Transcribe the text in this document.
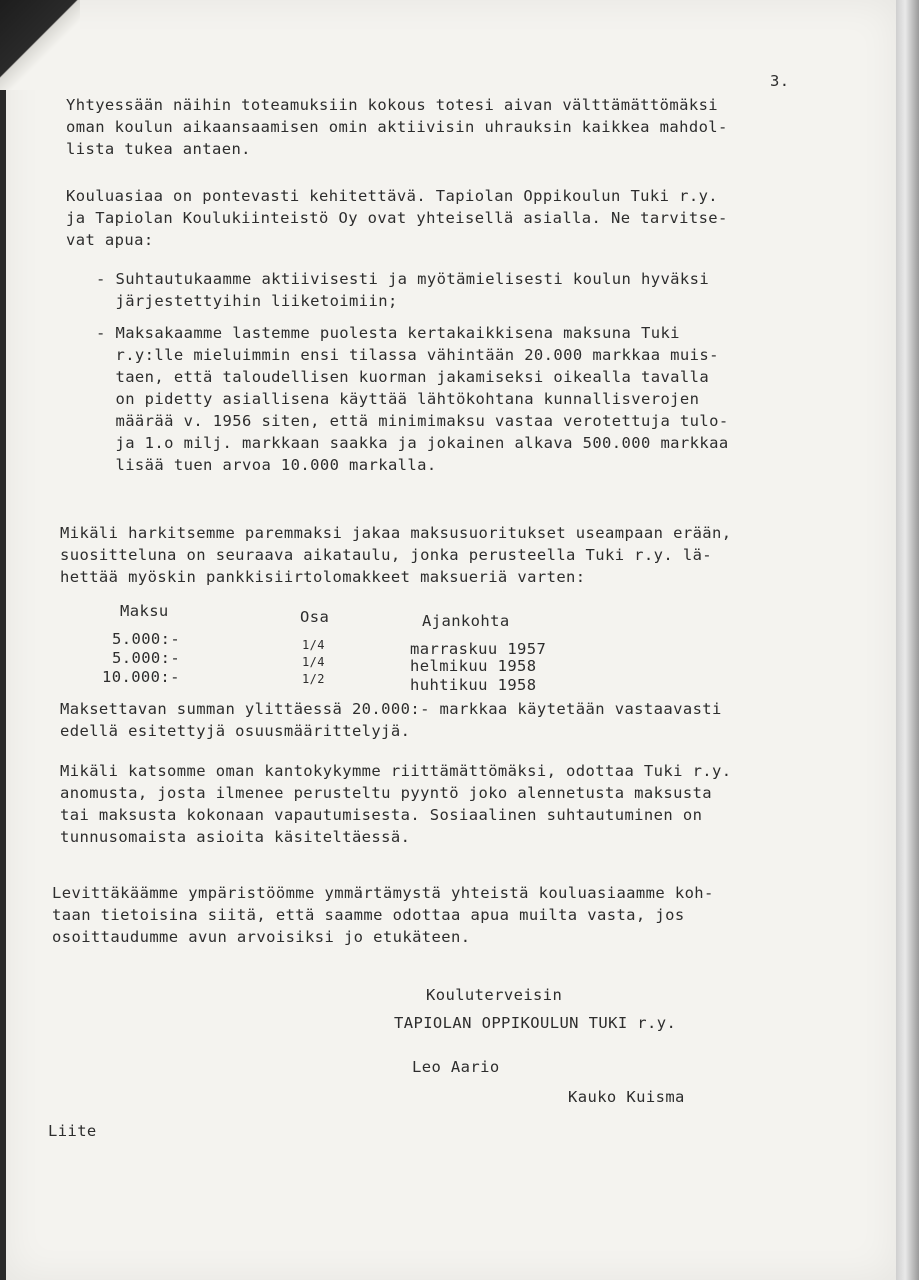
3.
Yhtyessään näihin toteamuksiin kokous totesi aivan välttämättömäksi
oman koulun aikaansaamisen omin aktiivisin uhrauksin kaikkea mahdol-
lista tukea antaen.
Kouluasiaa on pontevasti kehitettävä. Tapiolan Oppikoulun Tuki r.y.
ja Tapiolan Koulukiinteistö Oy ovat yhteisellä asialla. Ne tarvitse-
vat apua:
- Suhtautukaamme aktiivisesti ja myötämielisesti koulun hyväksi
järjestettyihin liiketoimiin;
- Maksakaamme lastemme puolesta kertakaikkisena maksuna Tuki
r.y:lle mieluimmin ensi tilassa vähintään 20.000 markkaa muis-
taen, että taloudellisen kuorman jakamiseksi oikealla tavalla
on pidetty asiallisena käyttää lähtökohtana kunnallisverojen
määrää v. 1956 siten, että minimimaksu vastaa verotettuja tulo-
ja 1.o milj. markkaan saakka ja jokainen alkava 500.000 markkaa
lisää tuen arvoa 10.000 markalla.
Mikäli harkitsemme paremmaksi jakaa maksusuoritukset useampaan erään,
suositteluna on seuraava aikataulu, jonka perusteella Tuki r.y. lä-
hettää myöskin pankkisiirtolomakkeet maksueriä varten:
Maksu	Osa	Ajankohta
5.000:-	1/4	marraskuu 1957
5.000:-	1/4	helmikuu 1958
10.000:-	1/2	huhtikuu 1958
Maksettavan summan ylittäessä 20.000:- markkaa käytetään vastaavasti
edellä esitettyjä osuusmäärittelyjä.
Mikäli katsomme oman kantokykymme riittämättömäksi, odottaa Tuki r.y.
anomusta, josta ilmenee perusteltu pyyntö joko alennetusta maksusta
tai maksusta kokonaan vapautumisesta. Sosiaalinen suhtautuminen on
tunnusomaista asioita käsiteltäessä.
Levittäkäämme ympäristöömme ymmärtämystä yhteistä kouluasiaamme koh-
taan tietoisina siitä, että saamme odottaa apua muilta vasta, jos
osoittaudumme avun arvoisiksi jo etukäteen.
Kouluterveisin
TAPIOLAN OPPIKOULUN TUKI r.y.
Leo Aario
Kauko Kuisma
Liite
